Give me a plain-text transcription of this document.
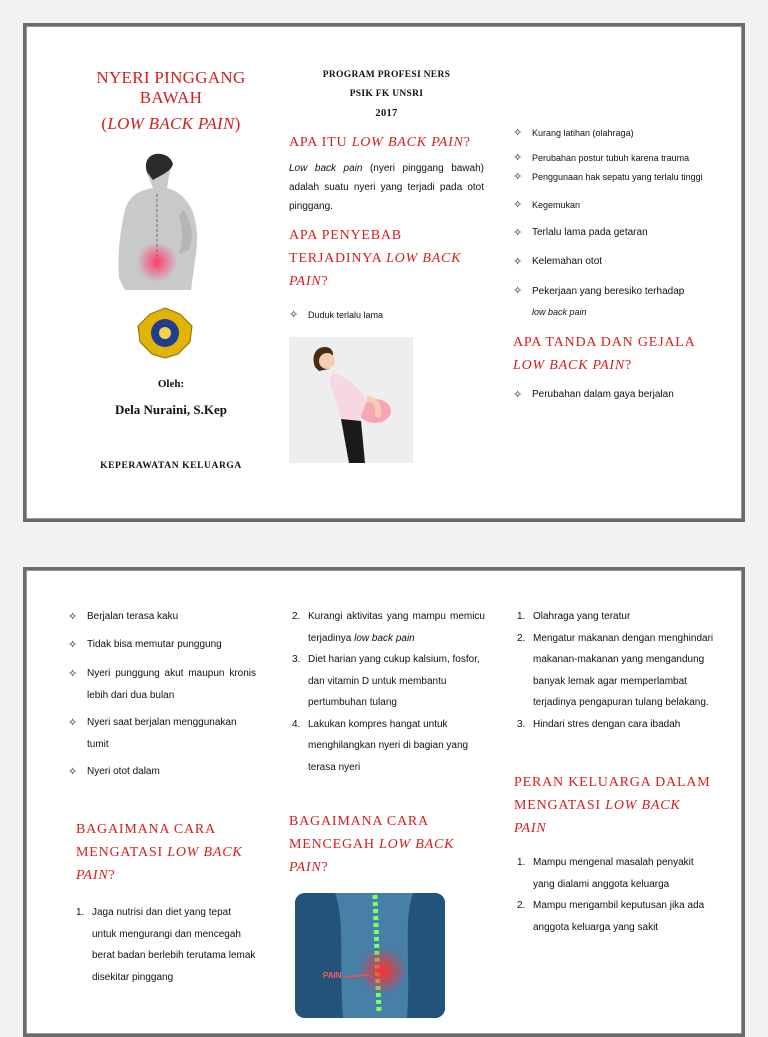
NYERI PINGGANG
BAWAH
(LOW BACK PAIN)
Oleh:
Dela Nuraini, S.Kep
KEPERAWATAN KELUARGA
PROGRAM PROFESI NERS
PSIK FK UNSRI
2017
APA ITU LOW BACK PAIN?
Low back pain (nyeri pinggang bawah) adalah suatu nyeri yang terjadi pada otot pinggang.
APA PENYEBAB
TERJADINYA LOW BACK
PAIN?
✧ Duduk terlalu lama
✧ Kurang latihan (olahraga)
✧ Perubahan postur tubuh karena trauma
✧ Penggunaan hak sepatu yang terlalu tinggi
✧ Kegemukan
✧ Terlalu lama pada getaran
✧ Kelemahan otot
✧ Pekerjaan yang beresiko terhadap
low back pain
APA TANDA DAN GEJALA
LOW BACK PAIN?
✧ Perubahan dalam gaya berjalan
✧ Berjalan terasa kaku
✧ Tidak bisa memutar punggung
✧ Nyeri punggung akut maupun kronis lebih dari dua bulan
✧ Nyeri saat berjalan menggunakan tumit
✧ Nyeri otot dalam
BAGAIMANA CARA
MENGATASI LOW BACK
PAIN?
1. Jaga nutrisi dan diet yang tepat untuk mengurangi dan mencegah berat badan berlebih terutama lemak disekitar pinggang
2. Kurangi aktivitas yang mampu memicu terjadinya low back pain
3. Diet harian yang cukup kalsium, fosfor, dan vitamin D untuk membantu pertumbuhan tulang
4. Lakukan kompres hangat untuk menghilangkan nyeri di bagian yang terasa nyeri
BAGAIMANA CARA
MENCEGAH LOW BACK
PAIN?
PAIN
1. Olahraga yang teratur
2. Mengatur makanan dengan menghindari makanan-makanan yang mengandung banyak lemak agar memperlambat terjadinya pengapuran tulang belakang.
3. Hindari stres dengan cara ibadah
PERAN KELUARGA DALAM
MENGATASI LOW BACK
PAIN
1. Mampu mengenal masalah penyakit yang dialami anggota keluarga
2. Mampu mengambil keputusan jika ada anggota keluarga yang sakit
